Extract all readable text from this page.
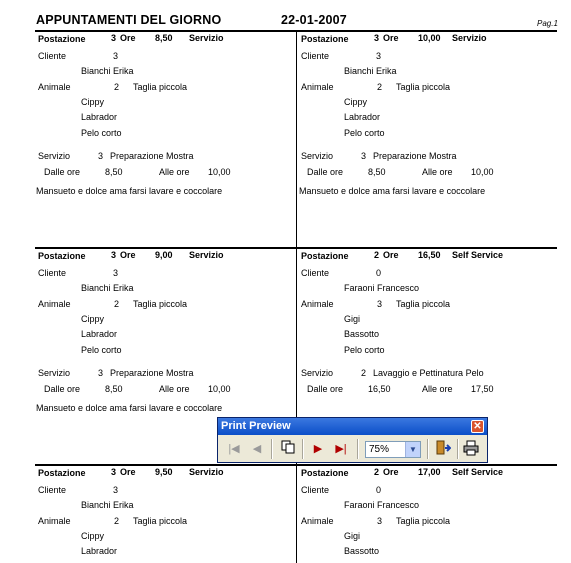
APPUNTAMENTI DEL GIORNO	22-01-2007	Pag.1
Postazione	3 Ore 8,50 Servizio
Cliente	3
Bianchi Erika
Animale	2 Taglia piccola
Cippy
Labrador
Pelo corto
Servizio	3 Preparazione Mostra
Dalle ore	8,50	Alle ore 10,00
Mansueto e dolce ama farsi lavare e coccolare
Postazione	3 Ore 10,00 Servizio
Cliente	3
Bianchi Erika
Animale	2 Taglia piccola
Cippy
Labrador
Pelo corto
Servizio	3 Preparazione Mostra
Dalle ore	8,50	Alle ore 10,00
Mansueto e dolce ama farsi lavare e coccolare
Postazione	3 Ore 9,00 Servizio
Cliente	3
Bianchi Erika
Animale	2 Taglia piccola
Cippy
Labrador
Pelo corto
Servizio	3 Preparazione Mostra
Dalle ore	8,50	Alle ore 10,00
Mansueto e dolce ama farsi lavare e coccolare
Postazione	2 Ore 16,50 Self Service
Cliente	0
Faraoni Francesco
Animale	3 Taglia piccola
Gigi
Bassotto
Pelo corto
Servizio	2 Lavaggio e Pettinatura Pelo
Dalle ore	16,50	Alle ore 17,50
Postazione	3 Ore 9,50 Servizio
Cliente	3
Bianchi Erika
Animale	2 Taglia piccola
Cippy
Labrador
Postazione	2 Ore 17,00 Self Service
Cliente	0
Faraoni Francesco
Animale	3 Taglia piccola
Gigi
Bassotto
Print Preview	✕
|◀	◀	▶	▶|	75%	▼
